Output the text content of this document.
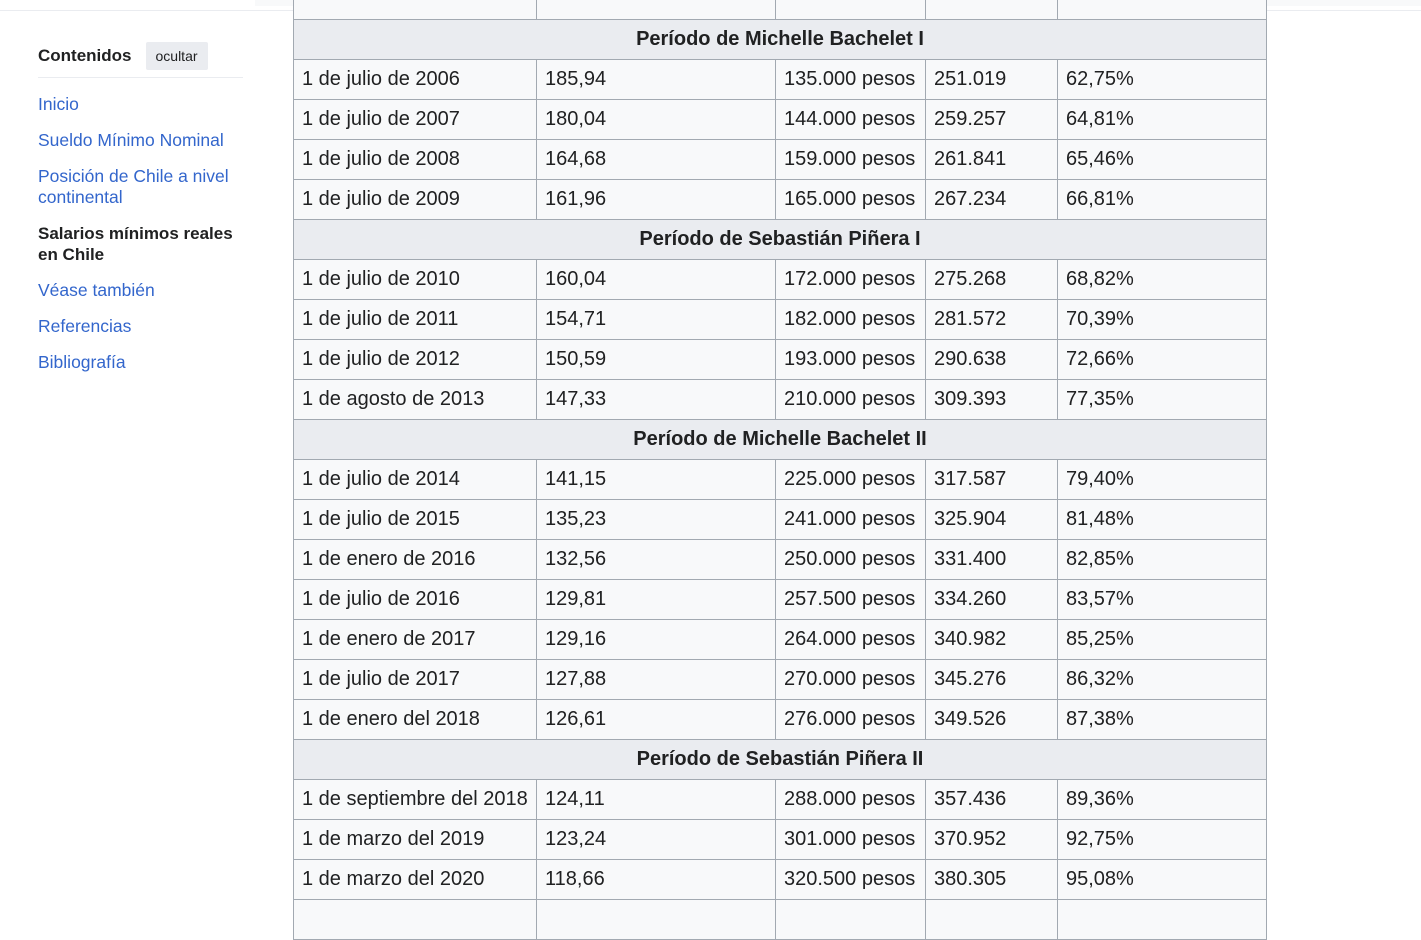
Contenidos	ocultar
Inicio
Sueldo Mínimo Nominal
Posición de Chile a nivel continental
Salarios mínimos reales en Chile
Véase también
Referencias
Bibliografía

Período de Michelle Bachelet I				
1 de julio de 2006	185,94	135.000 pesos	251.019	62,75%
1 de julio de 2007	180,04	144.000 pesos	259.257	64,81%
1 de julio de 2008	164,68	159.000 pesos	261.841	65,46%
1 de julio de 2009	161,96	165.000 pesos	267.234	66,81%
Período de Sebastián Piñera I				
1 de julio de 2010	160,04	172.000 pesos	275.268	68,82%
1 de julio de 2011	154,71	182.000 pesos	281.572	70,39%
1 de julio de 2012	150,59	193.000 pesos	290.638	72,66%
1 de agosto de 2013	147,33	210.000 pesos	309.393	77,35%
Período de Michelle Bachelet II				
1 de julio de 2014	141,15	225.000 pesos	317.587	79,40%
1 de julio de 2015	135,23	241.000 pesos	325.904	81,48%
1 de enero de 2016	132,56	250.000 pesos	331.400	82,85%
1 de julio de 2016	129,81	257.500 pesos	334.260	83,57%
1 de enero de 2017	129,16	264.000 pesos	340.982	85,25%
1 de julio de 2017	127,88	270.000 pesos	345.276	86,32%
1 de enero del 2018	126,61	276.000 pesos	349.526	87,38%
Período de Sebastián Piñera II				
1 de septiembre del 2018	124,11	288.000 pesos	357.436	89,36%
1 de marzo del 2019	123,24	301.000 pesos	370.952	92,75%
1 de marzo del 2020	118,66	320.500 pesos	380.305	95,08%
